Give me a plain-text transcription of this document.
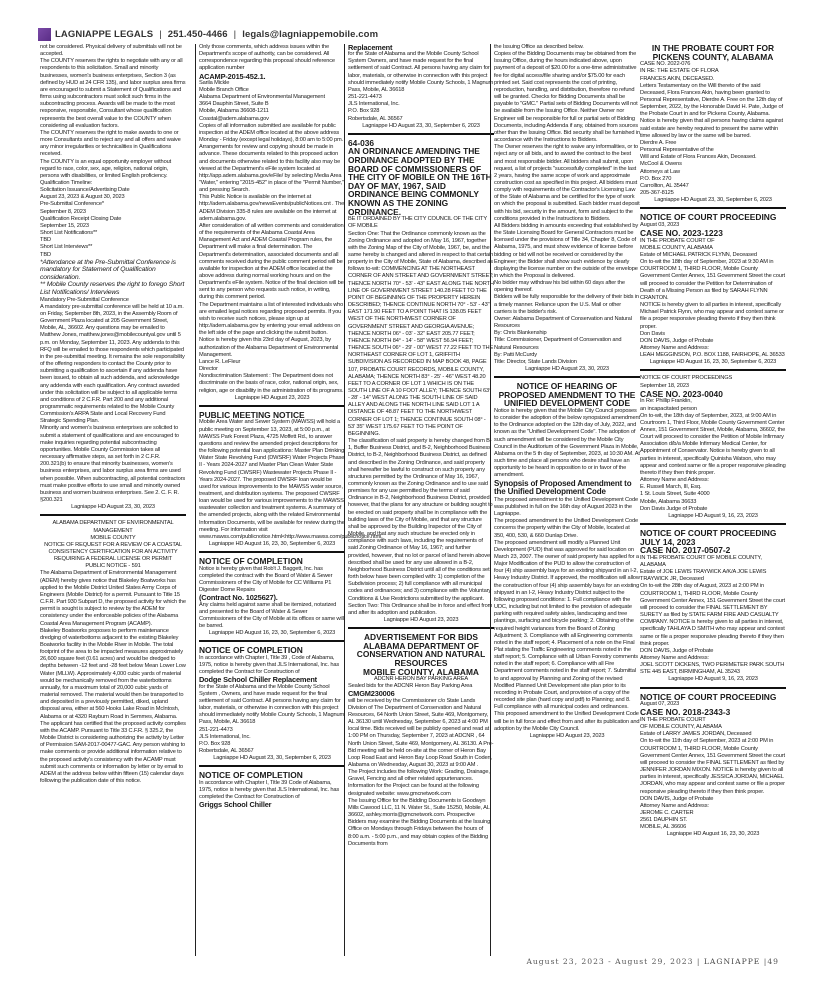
LAGNIAPPE LEGALS | 251.450-4466 | legals@lagniappemobile.com
not be considered. Physical delivery of submittals will not be accepted.
The COUNTY reserves the rights to negotiate with any or all respondents to this solicitation. Small and minority businesses, women's business enterprises, Section 3 (as defined by HUD at 24 CFR 135), and labor surplus area firms are encouraged to submit a Statement of Qualifications and firms using subcontractors must solicit such firms in the subcontracting process. Awards will be made to the most responsive, responsible, Consultant whose qualification represents the best overall value to the COUNTY when considering all evaluation factors.
The COUNTY reserves the right to make awards to one or more Consultants and to reject any and all offers and waive any minor irregularities or technicalities in Qualifications received.
The COUNTY is an equal opportunity employer without regard to race, color, sex, age, religion, national origin, persons with disabilities, or limited English proficiency.
Qualification Timeline:
Solicitation Issuance/Advertising Date
August 23, 2023 & August 30, 2023
Pre-Submittal Conference*
September 8, 2023
Qualification Receipt Closing Date
September 15, 2023
Short List Notifications**
TBD
Short List Interviews**
TBD
*Attendance at the Pre-Submittal Conference is mandatory for Statement of Qualification consideration.
** Mobile County reserves the right to forego Short List Notifications/ Interviews
Mandatory Pre-Submittal Conference
A mandatory pre-submittal conference will be held at 10 a.m. on Friday, September 8th, 2023, in the Assembly Room of Government Plaza located at 205 Government Street, Mobile, AL, 36602. Any questions may be emailed to Matthew Jones, matthew.jones@mobilecountyal.gov until 5 p.m. on Monday, September 11, 2023. Any addenda to this RFQ will be emailed to those respondents which participated in the pre-submittal meeting. It remains the sole responsibility of the offering responders to contact the County prior to submitting a qualification to ascertain if any addenda have been issued, to obtain all such addenda, and acknowledge any addenda with each qualification. Any contract awarded under this solicitation will be subject to all applicable terms and conditions of 2 C.F.R. Part 200 and any additional programmatic requirements related to the Mobile County Commission's ARPA State and Local Recovery Fund Strategic Spending Plan.
Minority and women's business enterprises are solicited to submit a statement of qualifications and are encouraged to make inquiries regarding potential subcontracting opportunities. Mobile County Commission takes all necessary affirmative steps, as set forth in 2 C.F.R. 200.321(b) to ensure that minority businesses, women's business enterprises, and labor surplus area firms are used when possible. When subcontracting, all potential contractors must make positive efforts to use small and minority owned business and women business enterprises. See 2. C. F. R. §200.321
Lagniappe HD August 23, 30, 2023
ALABAMA DEPARTMENT OF ENVIRONMENTAL MANAGEMENT
MOBILE COUNTY
NOTICE OF REQUEST FOR A REVIEW OF A COASTAL CONSISTENCY CERTIFICATION FOR AN ACTIVITY REQUIRING A FEDERAL LICENSE OR PERMIT
PUBLIC NOTICE - 591
The Alabama Department of Environmental Management (ADEM) hereby gives notice that Blakeley Boatworks has applied to the Mobile District United States Army Corps of Engineers (Mobile District) for a permit. Pursuant to Title 15 C.F.R. Part 930 Subpart D, the proposed activity for which the permit is sought is subject to review by the ADEM for consistency under the enforceable policies of the Alabama Coastal Area Management Program (ACAMP).
Blakeley Boatworks proposes to perform maintenance dredging of waterbottoms adjacent to the existing Blakeley Boatworks facility in the Mobile River in Mobile. The total footprint of the area to be impacted measures approximately 26,600 square feet (0.61 acres) and would be dredged to depths between -12 feet and -28 feet below Mean Lower Low Water (MLLW). Approximately 4,000 cubic yards of material would be mechanically removed from the waterbottoms annually, for a maximum total of 20,000 cubic yards of material removed. The material would then be transported to and deposited in a previously permitted, diked, upland disposal area, either at 560 Hooks Lake Road in McIntosh, Alabama or at 4320 Rayburn Road in Semmes, Alabama. The applicant has certified that the proposed activity complies with the ACAMP. Pursuant to Title 33 C.F.R. § 325.2, the Mobile District is considering authorizing the activity by Letter of Permission SAM-2017-00477-GAC. Any person wishing to make comments or provide additional information relative to the proposed activity's consistency with the ACAMP must submit such comments or information by letter or by email to ADEM at the address below within fifteen (15) calendar days following the publication date of this notice.
Only those comments, which address issues within the Department's scope of authority, can be considered. All correspondence regarding this proposal should reference application number
ACAMP-2015-452.1.
Sarila Mickle
Mobile Branch Office
Alabama Department of Environmental Management
3664 Dauphin Street, Suite B
Mobile, Alabama 36608-1211
Coastal@adem.alabama.gov
Copies of all information submitted are available for public inspection at the ADEM office located at the above address Monday - Friday (except legal holidays), 8:00 am to 5:00 pm. Arrangements for review and copying should be made in advance. These documents related to this proposed action and documents otherwise related to this facility also may be viewed at the Department's eFile system located at http://app.adem.alabama.gov/eFile/ by selecting Media Area "Water," entering "2015-452" in place of the "Permit Number," and pressing Search.
This Public Notice is available on the internet at http://adem.alabama.gov/newsEvents/publicNotices.cnt . The ADEM Division 335-8 rules are available on the internet at adem.alabama.gov.
After consideration of all written comments and consideration of the requirements of the Alabama Coastal Area Management Act and ADEM Coastal Program rules, the Department will make a final determination. The Department's determination, associated documents and all comments received during the public comment period will be available for inspection at the ADEM office located at the above address during normal working hours and on the Department's eFile system. Notice of the final decision will be sent to any person who requests such notice, in writing, during this comment period.
The Department maintains a list of interested individuals who are emailed legal notices regarding proposed permits. If you wish to receive such notices, please sign up at http://adem.alabama.gov by entering your email address on the left side of the page and clicking the submit button.
Notice is hereby given this 23rd day of August, 2023, by authorization of the Alabama Department of Environmental Management.
Lance R. LeFleur
Director
Nondiscrimination Statement : The Department does not discriminate on the basis of race, color, national origin, sex, religion, age or disability in the administration of its programs.
Lagniappe HD August 23, 2023
PUBLIC MEETING NOTICE
Mobile Area Water and Sewer System (MAWSS) will hold a public meeting on September 13, 2023, at 5:00 p.m., at MAWSS Park Forest Plaza, 4725 Moffett Rd., to answer questions and review the amended project descriptions for the following potential loan applications: Master Plan Drinking Water State Revolving Fund (DWSRF) Water Projects Phase II - Years 2024-2027 and Master Plan Clean Water State Revolving Fund (CWSRF) Wastewater Projects Phase II - Years 2024-2027. The proposed DWSRF loan would be used for various improvements to the MAWSS water source, treatment, and distribution systems. The proposed CWSRF loan would be used for various improvements to the MAWSS wastewater collection and treatment systems. A summary of the amended projects, along with the related Environmental Information Documents, will be available for review during the meeting. For information visit www.mawss.com/publicnotice.html<http://www.mawss.com/publicnotice.html.
Lagniappe HD August 16, 23, 30, September 6, 2023
NOTICE OF COMPLETION
Notice is hereby given that Rob't J. Baggett, Inc. has completed the contract with the Board of Water & Sewer Commissioners of the City of Mobile for CC Williams P1 Digester Dome Repairs
(Contract No. 1025627).
Any claims held against same shall be itemized, notarized and presented to the Board of Water & Sewer Commissioners of the City of Mobile at its offices or same will be barred.
Lagniappe HD August 16, 23, 30, September 6, 2023
NOTICE OF COMPLETION
In accordance with Chapter I, Title 39 , Code of Alabama, 1975, notice is hereby given that JLS International, Inc. has completed the Contract for Construction of
Dodge School Chiller Replacement
for the State of Alabama and the Mobile County School System , Owners, and have made request for the final settlement of said Contract. All persons having any claim for labor, materials, or otherwise in connection with this project should immediately notify Mobile County Schools, 1 Magnum Pass, Mobile, AL 36618
251-221-4473
JLS International, Inc.
P.O. Box 928
Robertsdale, AL 36567
Lagniappe HD August 23, 30, September 6, 2023
NOTICE OF COMPLETION
In accordance with Chapter I, Title 39 Code of Alabama, 1975, notice is hereby given that JLS International, Inc. has completed the Contract for Construction of
Griggs School Chiller
Replacement
for the State of Alabama and the Mobile County School System Owners, and have made request for the final settlement of said Contract. All persons having any claim for labor, materials, or otherwise in connection with this project should immediately notify Mobile County Schools, 1 Magnum Pass, Mobile, AL 36618
251-221-4473
JLS International, Inc.
P.O. Box 928
Robertsdale, AL 36567
Lagniappe HD August 23, 30, September 6, 2023
64-036
AN ORDINANCE AMENDING THE ORDINANCE ADOPTED BY THE BOARD OF COMMISSIONERS OF THE CITY OF MOBILE ON THE 16TH DAY OF MAY, 1967, SAID ORDINANCE BEING COMMONLY KNOWN AS THE ZONING ORDINANCE.
BE IT ORDAINED BY THE CITY COUNCIL OF THE CITY OF MOBILE
Section One: That the Ordinance commonly known as the Zoning Ordinance and adopted on May 16, 1967, together with the Zoning Map of the City of Mobile, 1967, be, and the same hereby is changed and altered in respect to that certain property in the City of Mobile, State of Alabama, described as follows to-wit: COMMENCING AT THE NORTHEAST CORNER OF ANN STREET AND GOVERNMENT STREET; THENCE NORTH 70° - 53' - 43" EAST ALONG THE NORTH LINE OF GOVERNMENT STREET 140.28 FEET TO THE POINT OF BEGINNING OF THE PROPERTY HEREIN DESCRIBED; THENCE CONTINUE NORTH 70° - 53' - 43" EAST 171.90 FEET TO A POINT THAT IS 138.05 FEET WEST OF THE NORTHWEST CORNER OF GOVERNMENT STREET AND GEORGIA AVENUE; THENCE NORTH 06° - 03' - 32" EAST 205.77 FEET; THENCE NORTH 84° - 14' - 58" WEST 56.94 FEET; THENCE SOUTH 06° - 29' - 00" WEST 77.22 FEET TO THE NORTHEAST CORNER OF LOT 1, GRIFFITH SUBDIVISION AS RECORDED IN MAP BOOK 48, PAGE 107, PROBATE COURT RECORDS, MOBILE COUNTY, ALABAMA; THENCE NORTH 83° - 25' - 46" WEST 48.20 FEET TO A CORNER OF LOT 1 WHICH IS ON THE SOUTH LINE OF A 10 FOOT ALLEY; THENCE SOUTH 63° - 28' - 14" WEST ALONG THE SOUTH LINE OF SAID ALLEY AND ALONG THE NORTH LINE SAID LOT 1 A DISTANCE OF 48.87 FEET TO THE NORTHWEST CORNER OF LOT 1; THENCE CONTINUE SOUTH 08° - 53' 35" WEST 175.67 FEET TO THE POINT OF BEGINNING.
The classification of said property is hereby changed from B-1, Buffer Business District, and B-2, Neighborhood Business District, to B-2, Neighborhood Business District, as defined and described in the Zoning Ordinance, and said property shall hereafter be lawful to construct on such property any structures permitted by the Ordinance of May 16, 1967, commonly known as the Zoning Ordinance and to use said premises for any use permitted by the terms of said Ordinance in B-2, Neighborhood Business District, provided, however, that the plans for any structure or building sought to be erected on said property shall be in compliance with the building laws of the City of Mobile, and that any structure shall be approved by the Building Inspector of the City of Mobile, and that any such structure be erected only in compliance with such laws, including the requirements of said Zoning Ordinance of May 16, 1967; and further provided, however, that no lot or parcel of land herein above described shall be used for any use allowed in a B-2, Neighborhood Business District until all of the conditions set forth below have been complied with: 1) completion of the Subdivision process; 2) full compliance with all municipal codes and ordinances; and 3) compliance with the Voluntary Conditions & Use Restrictions submitted by the applicant.
Section Two: This Ordinance shall be in force and effect from and after its adoption and publication.
Lagniappe HD August 23, 2023
ADVERTISEMENT FOR BIDS ALABAMA DEPARTMENT OF CONSERVATION AND NATURAL RESOURCES
MOBILE COUNTY, ALABAMA
ADCNR HERON BAY PARKING AREA
Sealed bids for the ADCNR Heron Bay Parking Area
CMGM230006
will be received by the Commissioner c/o State Lands Division of The Department of Conservation and Natural Resources, 64 North Union Street, Suite 469, Montgomery, AL 36130 until Wednesday, September 6, 2023 at 4:00 PM local time. Bids received will be publicly opened and read at 1:00 PM on Thursday, September 7, 2023 at ADCNR , 64 North Union Street, Suite 469, Montgomery, AL 36130. A Pre-Bid meeting will be held on-site at the corner of Heron Bay Loop Road East and Heron Bay Loop Road South in Coden, Alabama on Wednesday, August 30, 2023 at 9:00 AM .
The Project includes the following Work: Grading, Drainage, Gravel, Fencing and all other related appurtenances.
Information for the Project can be found at the following designated website: www.gmcnetwork.com
The Issuing Office for the Bidding Documents is Goodwyn Mills Cawood LLC, 11 N. Water St., Suite 15250, Mobile, AL 36602, ashley.morris@gmcnetwork.com. Prospective Bidders may examine the Bidding Documents at the Issuing Office on Mondays through Fridays between the hours of 8:00 a.m. - 5:00 p.m., and may obtain copies of the Bidding Documents from
the Issuing Office as described below.
Copies of the Bidding Documents may be obtained from the Issuing Office, during the hours indicated above, upon payment of a deposit of $20.00 for a one-time administrative fee for digital access/file sharing and/or $75.00 for each printed set. Said cost represents the cost of printing, reproduction, handling, and distribution, therefore no refund will be granted. Checks for Bidding Documents shall be payable to "GMC." Partial sets of Bidding Documents will not be available from the Issuing Office. Neither Owner nor Engineer will be responsible for full or partial sets of Bidding Documents, including Addenda if any, obtained from sources other than the Issuing Office. Bid security shall be furnished in accordance with the Instructions to Bidders.
The Owner reserves the right to waive any informalities, or to reject any or all bids, and to award the contract to the best and most responsible bidder. All bidders shall submit, upon request, a list of projects "successfully completed" in the last 2 years, having the same scope of work and approximate construction cost as specified in this project. All bidders must comply with requirements of the Contractor's Licensing Law of the State of Alabama and be certified for the type of work on which the proposal is submitted. Each bidder must deposit with his bid, security in the amount, form and subject to the conditions provided in the Instructions to Bidders.
All Bidders bidding in amounts exceeding that established by the State Licensing Board for General Contractors must be licensed under the provisions of Title 34, Chapter 8, Code of Alabama, 1975, and must show evidence of license before bidding or bid will not be received or considered by the Engineer; the Bidder shall show such evidence by clearly displaying the license number on the outside of the envelope in which the Proposal is delivered.
No bidder may withdraw his bid within 60 days after the opening thereof.
Bidders will be fully responsible for the delivery of their bids in a timely manner. Reliance upon the U.S. Mail or other carriers is the bidder's risk.
Owner: Alabama Department of Conservation and Natural Resources
By: Chris Blankenship
Title: Commissioner, Department of Conservation and Natural Resources
By: Patti McCurdy
Title: Director, State Lands Division
Lagniappe HD August 23, 30, 2023
NOTICE OF HEARING OF PROPOSED AMENDMENT TO THE UNIFIED DEVELOPMENT CODE
Notice is hereby given that the Mobile City Council proposes to consider the adoption of the below synopsized amendment to the Ordinance adopted on the 12th day of July, 2022, and known as the "Unified Development Code". The adoption of such amendment will be considered by the Mobile City Council in the Auditorium of the Government Plaza in Mobile, Alabama on the 5 th day of September, 2023, at 10:30 AM. At such time and place all persons who desire shall have an opportunity to be heard in opposition to or in favor of the amendment.
Synopsis of Proposed Amendment to the Unified Development Code
The proposed amendment to the Unified Development Code was published in full on the 16th day of August 2023 in the Lagniappe.
The proposed amendment to the Unified Development Code concerns the property within the City of Mobile, located at 350, 400, 530, & 660 Dunlap Drive.
The proposed amendment will modify a Planned Unit Development (PUD) that was approved for said location on March 23, 2007. The owner of said property has applied for a Major Modification of the PUD to allow the construction of four (4) ship assembly bays for an existing shipyard in an I-2, Heavy Industry District. If approved, the modification will allow the construction of four (4) ship assembly bays for an existing shipyard in an I-2, Heavy Industry District subject to the following proposed conditions: 1. Full compliance with the UDC, including but not limited to the provision of adequate parking with required safety aisles, landscaping and tree plantings, surfacing and bicycle parking; 2. Obtaining of the required height variances from the Board of Zoning Adjustment; 3. Compliance with all Engineering comments noted in the staff report; 4. Placement of a note on the Final Plat stating the Traffic Engineering comments noted in the staff report; 5. Compliance with all Urban Forestry comments noted in the staff report; 6. Compliance with all Fire Department comments noted in the staff report; 7. Submittal to and approval by Planning and Zoning of the revised Modified Planned Unit Development site plan prior to its recording in Probate Court, and provision of a copy of the recorded site plan (hard copy and pdf) to Planning; and 8. Full compliance with all municipal codes and ordinances.
This proposed amendment to the Unified Development Code will be in full force and effect from and after its publication and adoption by the Mobile City Council.
Lagniappe HD August 23, 2023
IN THE PROBATE COURT FOR PICKENS COUNTY, ALABAMA
CASE NO. 2022-076
IN RE: THE ESTATE OF FLORA
FRANCES AKIN, DECEASED.
Letters Testamentary on the Will thereto of the said Deceased, Flora Frances Akin, having been granted to Personal Representative, Dierdre A. Free on the 12th day of September, 2022, by the Honorable David H. Pate, Judge of the Probate Court in and for Pickens County, Alabama. Notice is hereby given that all persons having claims against said estate are hereby required to present the same within time allowed by law or the same will be barred.
Dierdre A. Free
Personal Representative of the
Will and Estate of Flora Frances Akin, Deceased.
McCool & Owens
Attorneys at Law
P.O. Box 270
Carrollton, AL 35447
205-367-8125
Lagniappe HD August 23, 30, September 6, 2023
NOTICE OF COURT PROCEEDING
August 03, 2023
CASE NO. 2023-1223
IN THE PROBATE COURT OF
MOBILE COUNTY, ALABAMA
Estate of MICHAEL PATRICK FLYNN, Deceased
On to-wit the 18th day of September, 2023 at 9:30 AM in COURTROOM 1, THIRD FLOOR, Mobile County Government Center Annex, 151 Government Street the court will proceed to consider the Petition for Determination of Death of a Missing Person as filed by SARAH FLYNN CRANTON.
NOTICE is hereby given to all parties in interest, specifically Michael Patrick Flynn, who may appear and contest same or file a proper responsive pleading thereto if they then think proper.
Don Davis
DON DAVIS, Judge of Probate
Attorney Name and Address:
LEAH MEGGINSON, P.O. BOX 1188, FAIRHOPE, AL 36533
Lagniappe HD August 16, 23, 30, September 6, 2023
NOTICE OF COURT PROCEEDINGS
September 18, 2023
CASE NO. 2023-0040
In Re: Phillip Franklin,
an incapacitated person
On to-wit, the 18th day of September, 2023, at 9:00 AM in Courtroom 1, Third Floor, Mobile County Government Center Annex, 151 Government Street, Mobile, Alabama, 36602, the Court will proceed to consider the Petition of Mobile Infirmary Association d/b/a Mobile Infirmary Medical Center, for Appointment of Conservator. Notice is hereby given to all parties in interest, specifically Quinisha Watson, who may appear and contest same or file a proper responsive pleading thereto if they then think proper.
Attorney Name and Address:
E. Russell March, III, Esq.
1 St. Louis Street, Suite 4000
Mobile, Alabama 36633
Don Davis Judge of Probate
Lagniappe HD August 9, 16, 23, 2023
NOTICE OF COURT PROCEEDING
JULY 14, 2023
CASE NO. 2017-0507-2
IN THE PROBATE COURT OF MOBILE COUNTY, ALABAMA
Estate of JOE LEWIS TRAYWICK A/K/A JOE LEWIS TRAYWICK JR, Deceased
On to-wit the 28th day of August, 2023 at 2:00 PM in COURTROOM 1, THIRD FLOOR, Mobile County Government Center Annex, 151 Government Street the court will proceed to consider the FINAL SETTLEMENT BY SURETY as filed by STATE FARM FIRE AND CASUALTY COMPANY. NOTICE is hereby given to all parties in interest, specifically TAHLAYA D SMITH who may appear and contest same or file a proper responsive pleading thereto if they then think proper.
DON DAVIS, Judge of Probate
Attorney Name and Address:
JOEL SCOTT DICKENS, TWO PERIMETER PARK SOUTH STE 445 EAST, BIRMINGHAM, AL 35243
Lagniappe HD August 9, 16, 23, 2023
NOTICE OF COURT PROCEEDING
August 07, 2023
CASE NO. 2018-2343-3
IN THE PROBATE COURT
OF MOBILE COUNTY, ALABAMA
Estate of LARRY JAMES JORDAN, Deceased
On to-wit the 11th day of September, 2023 at 2:00 PM in COURTROOM 1, THIRD FLOOR, Mobile County Government Center Annex, 151 Government Street the court will proceed to consider the FINAL SETTLEMENT as filed by JENNIFER JORDAN MIXON. NOTICE is hereby given to all parties in interest, specifically JESSICA JORDAN, MICHAEL JORDAN, who may appear and contest same or file a proper responsive pleading thereto if they then think proper.
DON DAVIS, Judge of Probate
Attorney Name and Address:
JEROME C. CARTER
2561 DAUPHIN ST.
MOBILE, AL 36606
Lagniappe HD August 16, 23, 30, 2023
August 23, 2023 - August 29, 2023 | LAGNIAPPE |49
